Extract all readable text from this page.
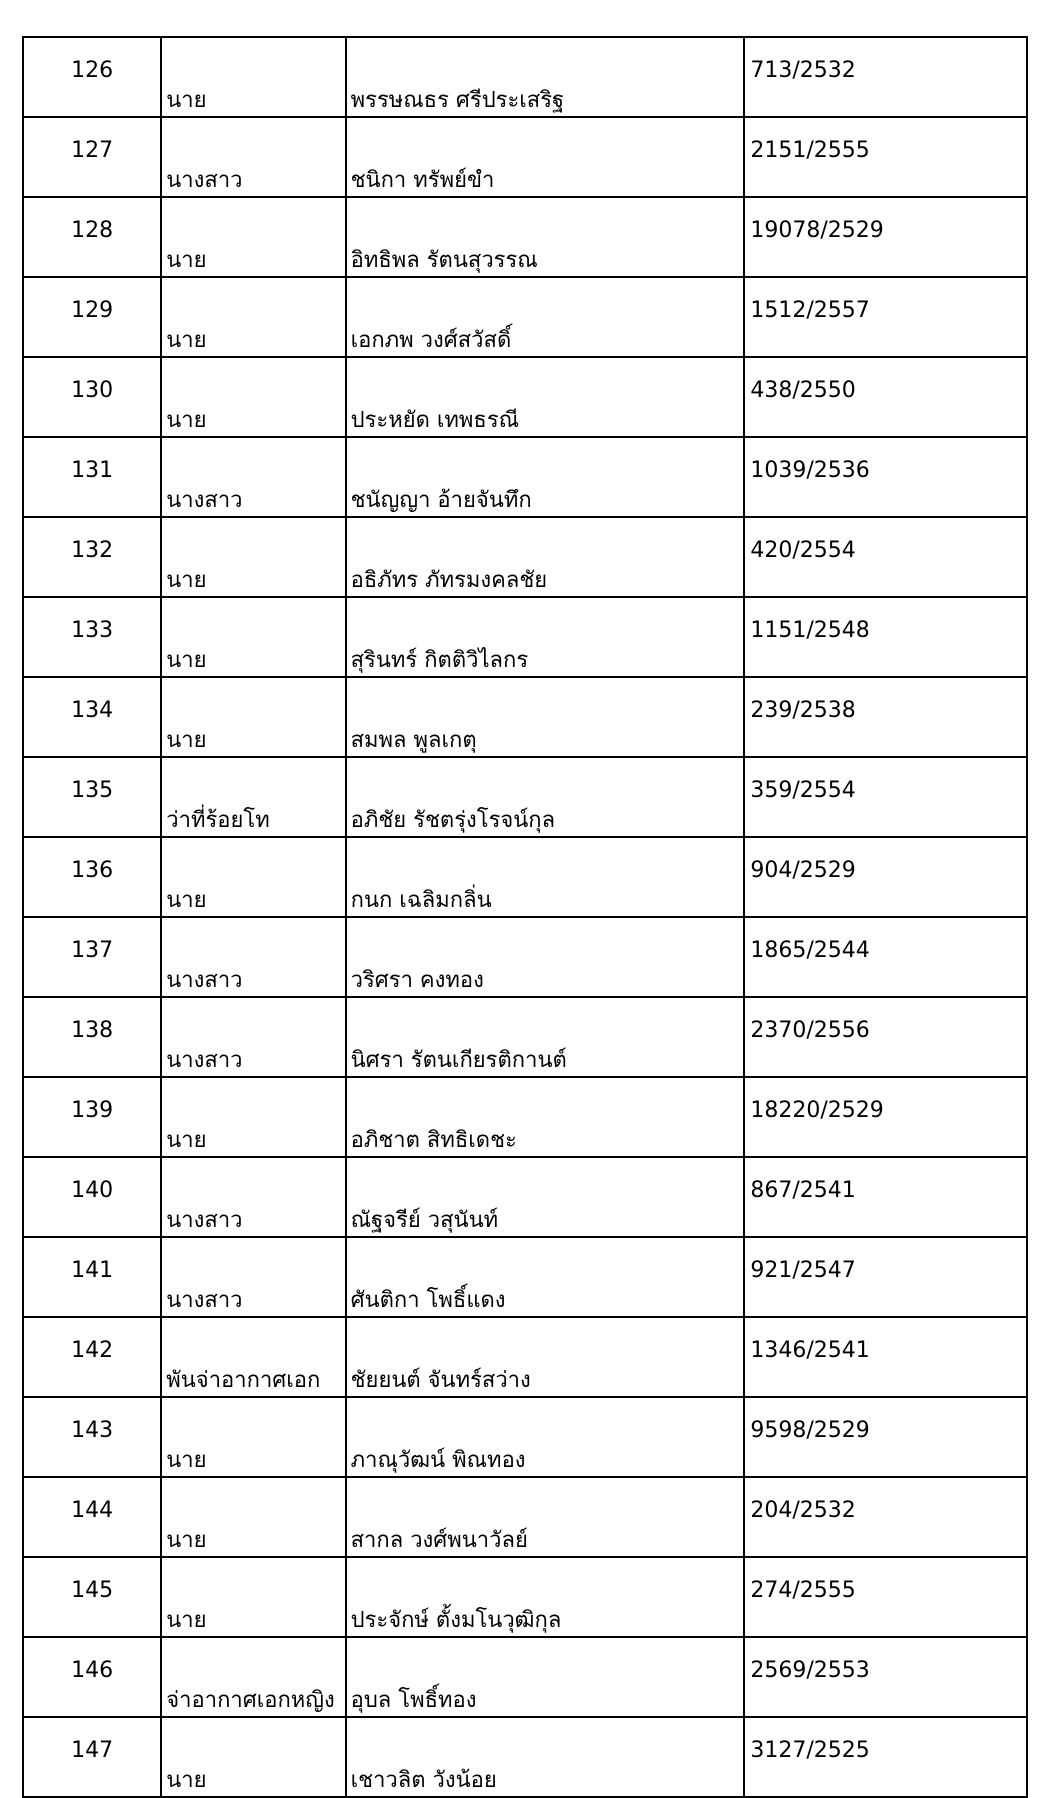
126	นาย	พรรษณธร ศรีประเสริฐ	713/2532
127	นางสาว	ชนิกา ทรัพย์ขำ	2151/2555
128	นาย	อิทธิพล รัตนสุวรรณ	19078/2529
129	นาย	เอกภพ วงศ์สวัสดิ์	1512/2557
130	นาย	ประหยัด เทพธรณี	438/2550
131	นางสาว	ชนัญญา อ้ายจันทึก	1039/2536
132	นาย	อธิภัทร ภัทรมงคลชัย	420/2554
133	นาย	สุรินทร์ กิตติวิไลกร	1151/2548
134	นาย	สมพล พูลเกตุ	239/2538
135	ว่าที่ร้อยโท	อภิชัย รัชตรุ่งโรจน์กุล	359/2554
136	นาย	กนก เฉลิมกลิ่น	904/2529
137	นางสาว	วริศรา คงทอง	1865/2544
138	นางสาว	นิศรา รัตนเกียรติกานต์	2370/2556
139	นาย	อภิชาต สิทธิเดชะ	18220/2529
140	นางสาว	ณัฐจรีย์ วสุนันท์	867/2541
141	นางสาว	ศันติกา โพธิ์แดง	921/2547
142	พันจ่าอากาศเอก	ชัยยนต์ จันทร์สว่าง	1346/2541
143	นาย	ภาณุวัฒน์ พิณทอง	9598/2529
144	นาย	สากล วงศ์พนาวัลย์	204/2532
145	นาย	ประจักษ์ ตั้งมโนวุฒิกุล	274/2555
146	จ่าอากาศเอกหญิง	อุบล โพธิ์ทอง	2569/2553
147	นาย	เชาวลิต วังน้อย	3127/2525
